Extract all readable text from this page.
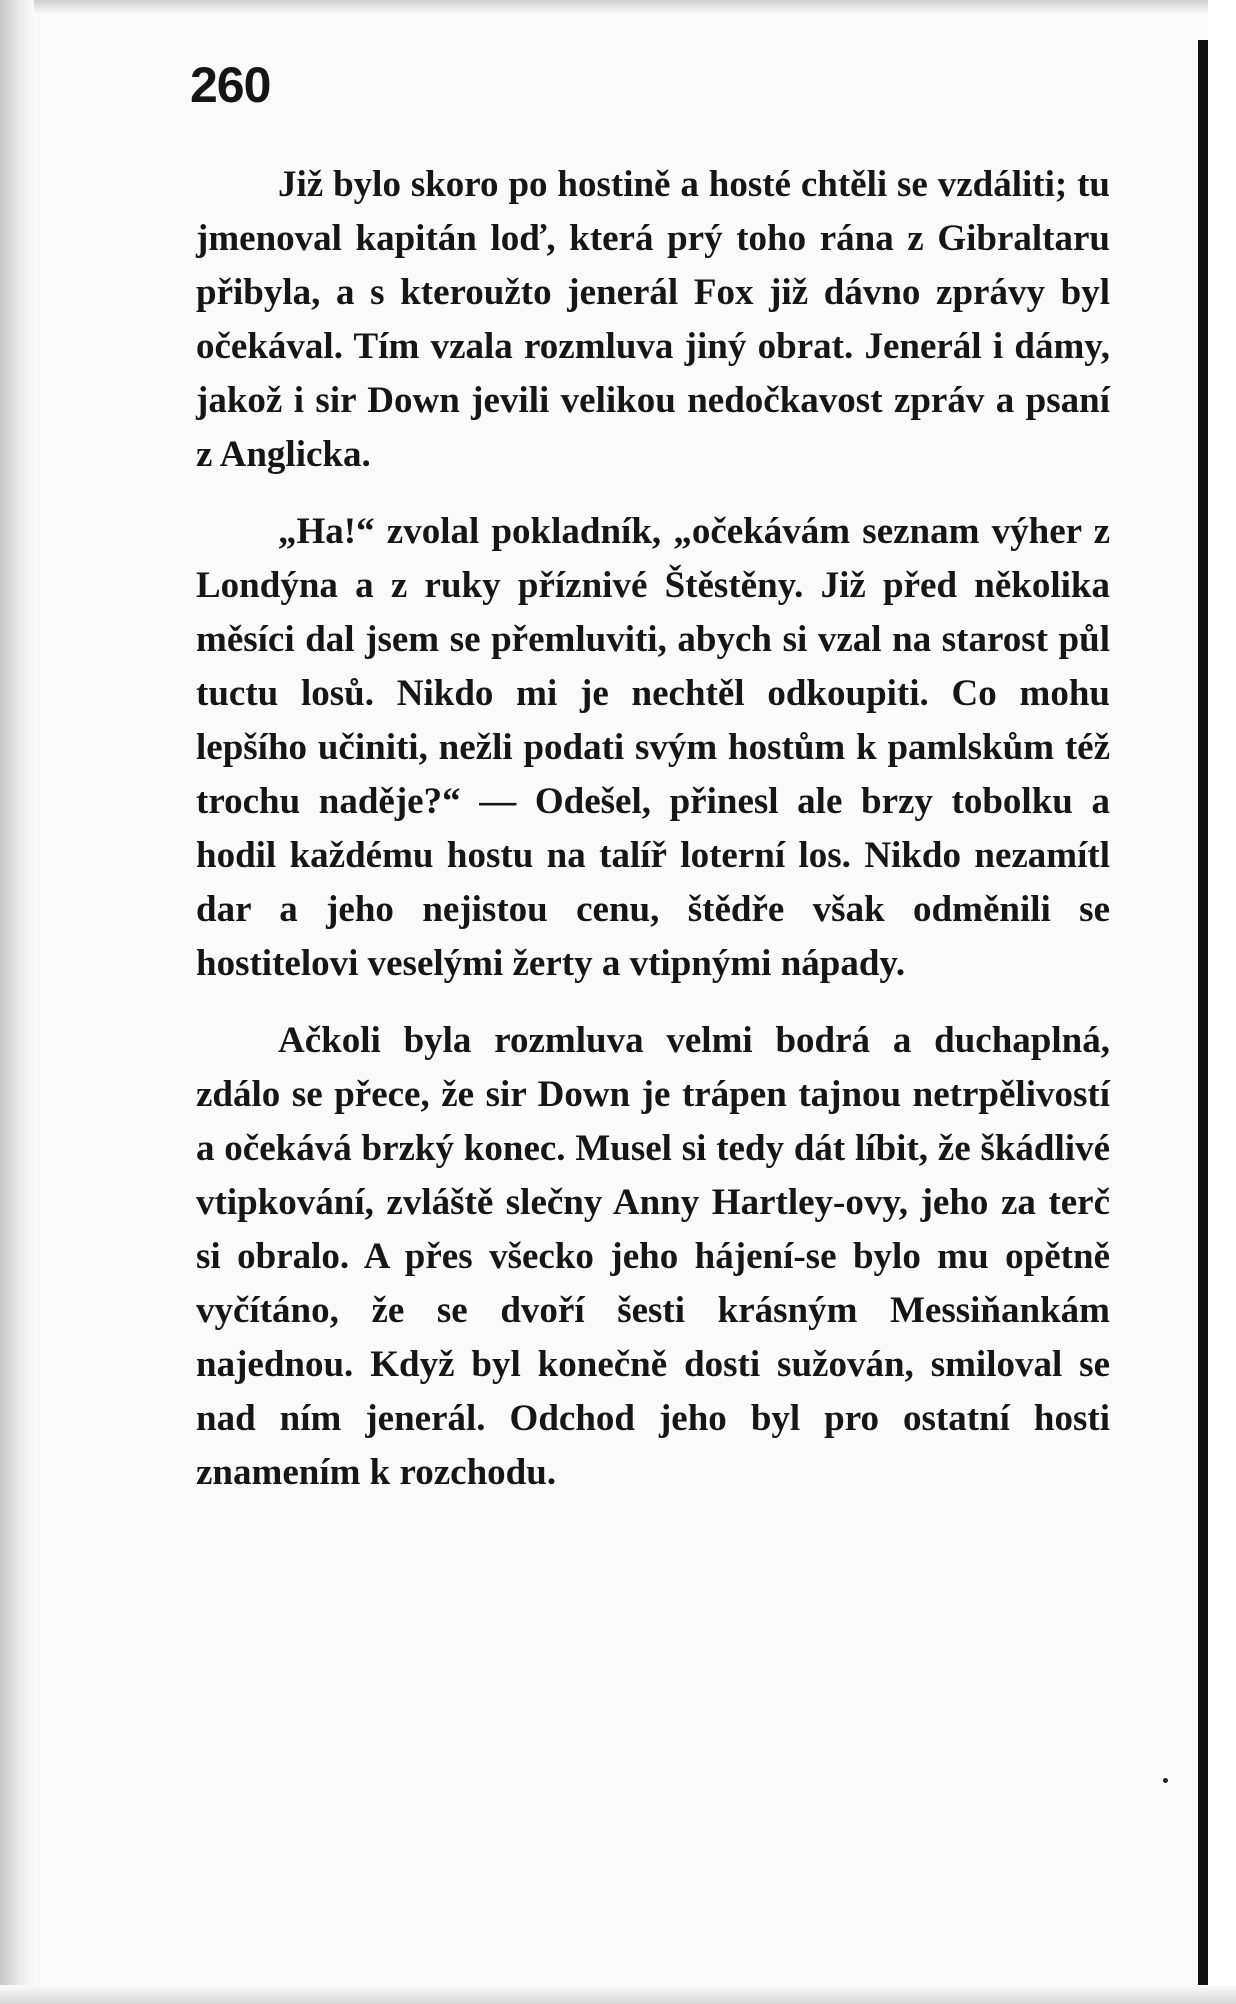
260

Již bylo skoro po hostině a hosté chtěli se vzdáliti; tu jmenoval kapitán loď, která prý toho rána z Gibraltaru přibyla, a s kteroužto jenerál Fox již dávno zprávy byl očekával. Tím vzala rozmluva jiný obrat. Jenerál i dámy, jakož i sir Down jevili velikou nedočkavost zpráv a psaní z Anglicka.

„Ha!“ zvolal pokladník, „očekávám seznam výher z Londýna a z ruky příznivé Štěstěny. Již před několika měsíci dal jsem se přemluviti, abych si vzal na starost půl tuctu losů. Nikdo mi je nechtěl odkoupiti. Co mohu lepšího učiniti, nežli podati svým hostům k pamlskům též trochu naděje?“ — Odešel, přinesl ale brzy tobolku a hodil každému hostu na talíř loterní los. Nikdo nezamítl dar a jeho nejistou cenu, štědře však odměnili se hostitelovi veselými žerty a vtipnými nápady.

Ačkoli byla rozmluva velmi bodrá a duchaplná, zdálo se přece, že sir Down je trápen tajnou netrpělivostí a očekává brzký konec. Musel si tedy dát líbit, že škádlivé vtipkování, zvláště slečny Anny Hartley-ovy, jeho za terč si obralo. A přes všecko jeho hájení-se bylo mu opětně vyčítáno, že se dvoří šesti krásným Messiňankám najednou. Když byl konečně dosti sužován, smiloval se nad ním jenerál. Odchod jeho byl pro ostatní hosti znamením k rozchodu.
